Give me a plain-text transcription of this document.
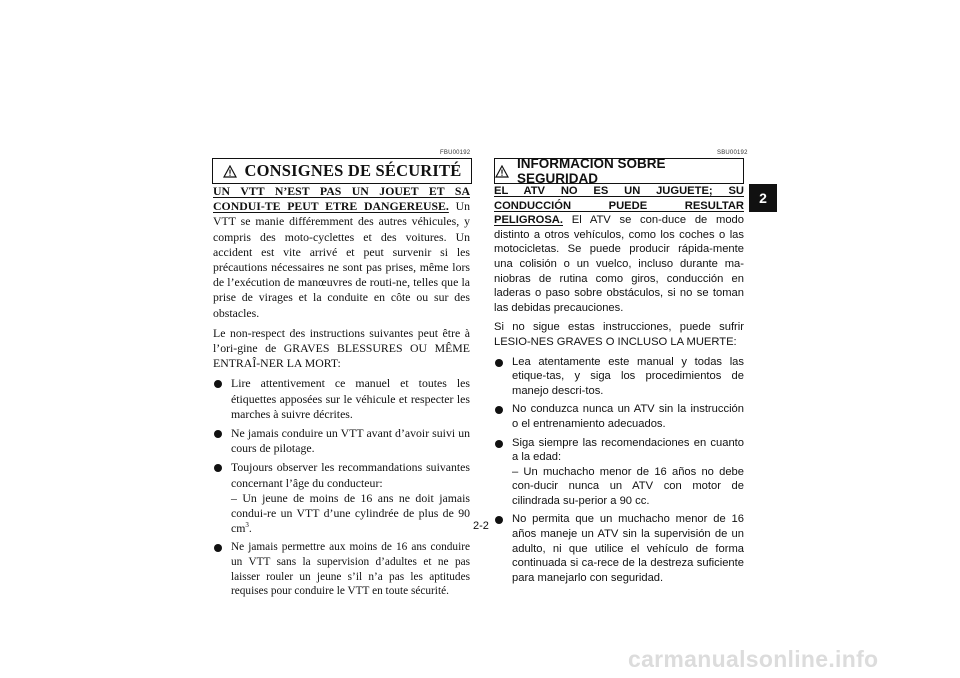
FBU00192
CONSIGNES DE SÉCURITÉ

UN VTT N’EST PAS UN JOUET ET SA CONDUI-TE PEUT ETRE DANGEREUSE. Un VTT se manie différemment des autres véhicules, y compris des moto-cyclettes et des voitures. Un accident est vite arrivé et peut survenir si les précautions nécessaires ne sont pas prises, même lors de l’exécution de manœuvres de routi-ne, telles que la prise de virages et la conduite en côte ou sur des obstacles.

Le non-respect des instructions suivantes peut être à l’ori-gine de GRAVES BLESSURES OU MÊME ENTRAÎ-NER LA MORT:

Lire attentivement ce manuel et toutes les étiquettes apposées sur le véhicule et respecter les marches à suivre décrites.
Ne jamais conduire un VTT avant d’avoir suivi un cours de pilotage.
Toujours observer les recommandations suivantes concernant l’âge du conducteur:
– Un jeune de moins de 16 ans ne doit jamais condui-re un VTT d’une cylindrée de plus de 90 $cm^3$.
Ne jamais permettre aux moins de 16 ans conduire un VTT sans la supervision d’adultes et ne pas laisser rouler un jeune s’il n’a pas les aptitudes requises pour conduire le VTT en toute sécurité.
SBU00192
INFORMACION SOBRE SEGURIDAD

EL ATV NO ES UN JUGUETE; SU CONDUCCIÓN PUEDE RESULTAR PELIGROSA. El ATV se con-duce de modo distinto a otros vehículos, como los coches o las motocicletas. Se puede producir rápida-mente una colisión o un vuelco, incluso durante ma-niobras de rutina como giros, conducción en laderas o paso sobre obstáculos, si no se toman las debidas precauciones.

Si no sigue estas instrucciones, puede sufrir LESIO-NES GRAVES O INCLUSO LA MUERTE:

Lea atentamente este manual y todas las etique-tas, y siga los procedimientos de manejo descri-tos.
No conduzca nunca un ATV sin la instrucción o el entrenamiento adecuados.
Siga siempre las recomendaciones en cuanto a la edad:
– Un muchacho menor de 16 años no debe con-ducir nunca un ATV con motor de cilindrada su-perior a 90 cc.
No permita que un muchacho menor de 16 años maneje un ATV sin la supervisión de un adulto, ni que utilice el vehículo de forma continuada si ca-rece de la destreza suficiente para manejarlo con seguridad.
2
2-2
carmanualsonline.info
